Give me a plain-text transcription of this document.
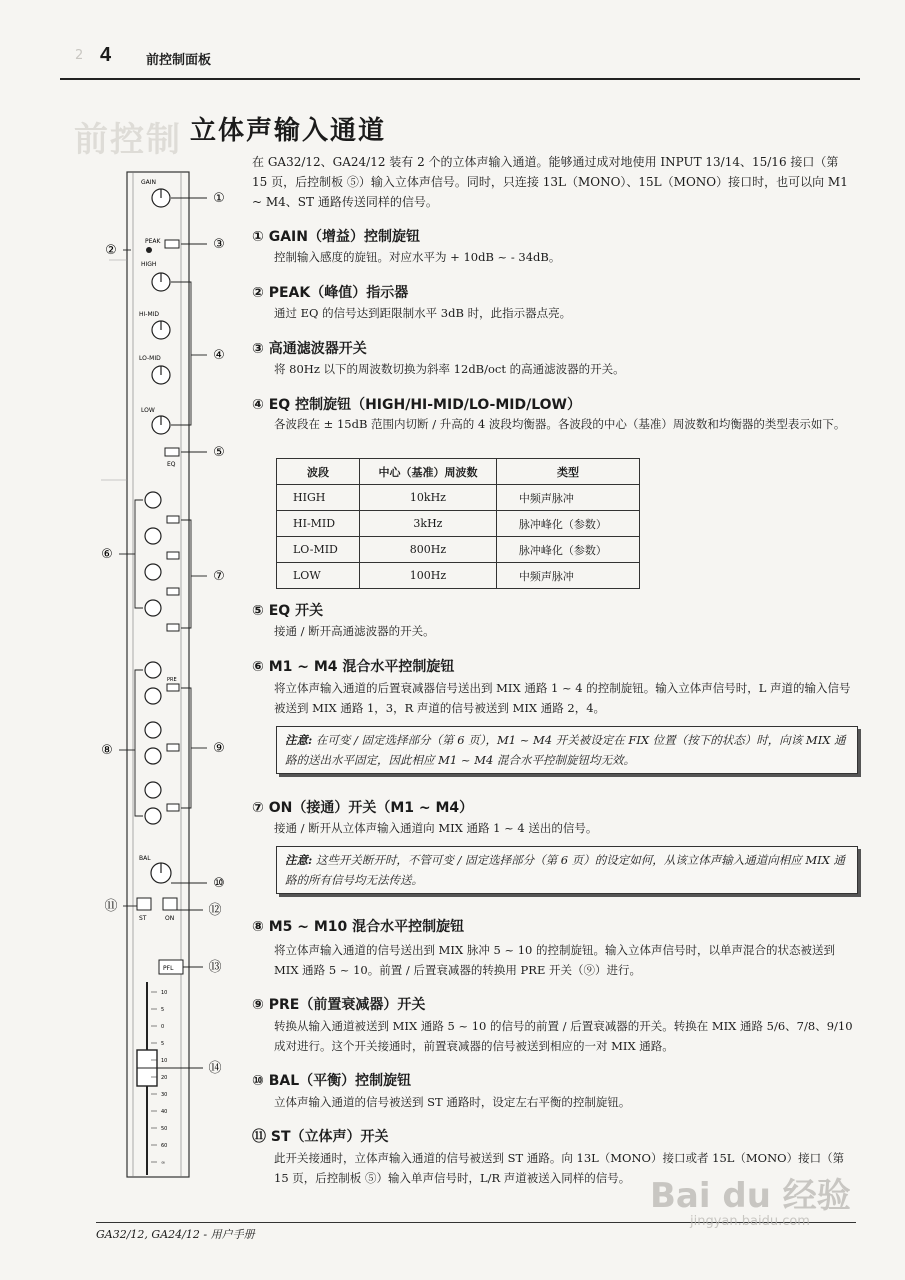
2 4	前控制面板
前控制 立体声输入通道
在 GA32/12、GA24/12 装有 2 个的立体声输入通道。能够通过成对地使用 INPUT 13/14、15/16 接口（第 15 页，后控制板 ⑤）输入立体声信号。同时，只连接 13L（MONO）、15L（MONO）接口时，也可以向 M1 ~ M4、ST 通路传送同样的信号。
① GAIN（增益）控制旋钮
控制输入感度的旋钮。对应水平为 + 10dB ~ - 34dB。
② PEAK（峰值）指示器
通过 EQ 的信号达到距限制水平 3dB 时，此指示器点亮。
③ 高通滤波器开关
将 80Hz 以下的周波数切换为斜率 12dB/oct 的高通滤波器的开关。
④ EQ 控制旋钮（HIGH/HI-MID/LO-MID/LOW）
各波段在 ± 15dB 范围内切断 / 升高的 4 波段均衡器。各波段的中心（基准）周波数和均衡器的类型表示如下。
波段	中心（基准）周波数	类型
HIGH	10kHz	中频声脉冲
HI-MID	3kHz	脉冲峰化（参数）
LO-MID	800Hz	脉冲峰化（参数）
LOW	100Hz	中频声脉冲
⑤ EQ 开关
接通 / 断开高通滤波器的开关。
⑥ M1 ~ M4 混合水平控制旋钮
将立体声输入通道的后置衰减器信号送出到 MIX 通路 1 ~ 4 的控制旋钮。输入立体声信号时，L 声道的输入信号被送到 MIX 通路 1，3，R 声道的信号被送到 MIX 通路 2，4。
注意: 在可变 / 固定选择部分（第 6 页），M1 ~ M4 开关被设定在 FIX 位置（按下的状态）时，向该 MIX 通路的送出水平固定，因此相应 M1 ~ M4 混合水平控制旋钮均无效。
⑦ ON（接通）开关（M1 ~ M4）
接通 / 断开从立体声输入通道向 MIX 通路 1 ~ 4 送出的信号。
注意: 这些开关断开时，不管可变 / 固定选择部分（第 6 页）的设定如何，从该立体声输入通道向相应 MIX 通路的所有信号均无法传送。
⑧ M5 ~ M10 混合水平控制旋钮
将立体声输入通道的信号送出到 MIX 脉冲 5 ~ 10 的控制旋钮。输入立体声信号时，以单声混合的状态被送到 MIX 通路 5 ~ 10。前置 / 后置衰减器的转换用 PRE 开关（⑨）进行。
⑨ PRE（前置衰减器）开关
转换从输入通道被送到 MIX 通路 5 ~ 10 的信号的前置 / 后置衰减器的开关。转换在 MIX 通路 5/6、7/8、9/10 成对进行。这个开关接通时，前置衰减器的信号被送到相应的一对 MIX 通路。
⑩ BAL（平衡）控制旋钮
立体声输入通道的信号被送到 ST 通路时，设定左右平衡的控制旋钮。
⑪ ST（立体声）开关
此开关接通时，立体声输入通道的信号被送到 ST 通路。向 13L（MONO）接口或者 15L（MONO）接口（第 15 页，后控制板 ⑤）输入单声信号时，L/R 声道被送入同样的信号。
GAIN
PEAK
HIGH
HI-MID
LO-MID
LOW
EQ
PRE
BAL
ST	ON
PFL
10
5
0
5
10
20
30
40
50
60
∞
①
②	③
④
⑤
⑥
⑦
⑧	⑨
⑩
⑪	⑫
⑬
⑭
GA32/12, GA24/12 - 用户手册
Bai du 经验
jingyan.baidu.com
